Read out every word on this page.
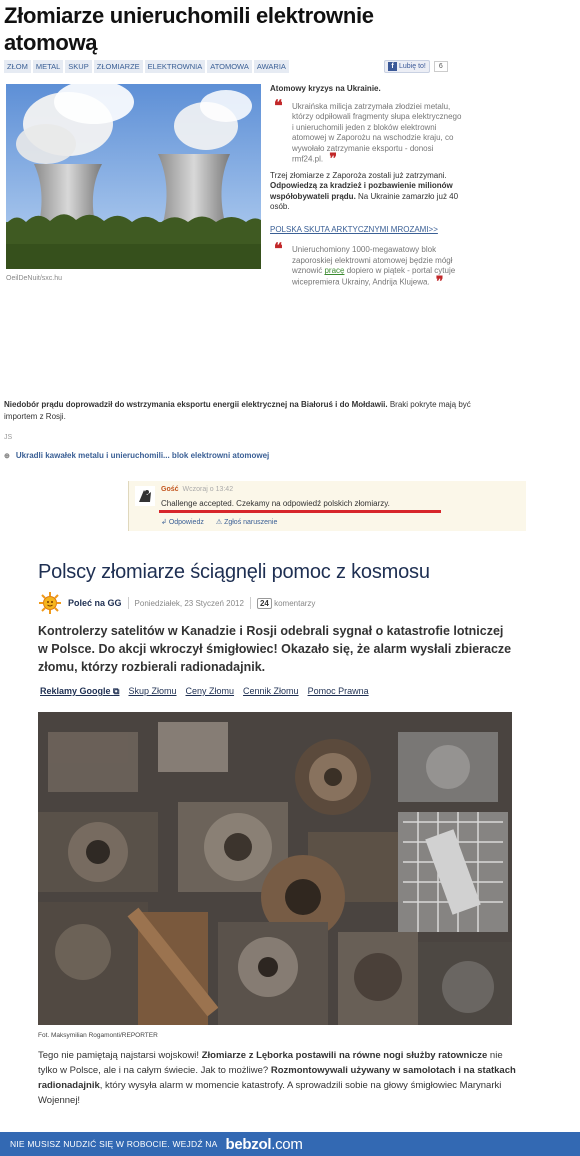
Złomiarze unieruchomili elektrownie atomową
ZŁOM	METAL	SKUP	ZŁOMIARZE	ELEKTROWNIA	ATOMOWA	AWARIA	f Lubię to!	6
OeilDeNuit/sxc.hu
Atomowy kryzys na Ukrainie.
❝ Ukraińska milicja zatrzymała złodziei metalu, którzy odpiłowali fragmenty słupa elektrycznego i unieruchomili jeden z bloków elektrowni atomowej w Zaporożu na wschodzie kraju, co wywołało zatrzymanie eksportu - donosi rmf24.pl. ❞
Trzej złomiarze z Zaporoża zostali już zatrzymani. Odpowiedzą za kradzież i pozbawienie milionów współobywateli prądu. Na Ukrainie zamarzło już 40 osób.
POLSKA SKUTA ARKTYCZNYMI MROZAMI>>
❝ Unieruchomiony 1000-megawatowy blok zaporoskiej elektrowni atomowej będzie mógł wznowić pracę dopiero w piątek - portal cytuje wicepremiera Ukrainy, Andrija Klujewa. ❞
Niedobór prądu doprowadził do wstrzymania eksportu energii elektrycznej na Białoruś i do Mołdawii. Braki pokryte mają być importem z Rosji.
JS
⊕ Ukradli kawałek metalu i unieruchomili... blok elektrowni atomowej
Gość Wczoraj o 13:42
Challenge accepted. Czekamy na odpowiedź polskich złomiarzy.
↲ Odpowiedz ⚠ Zgłoś naruszenie
Polscy złomiarze ściągnęli pomoc z kosmosu
Poleć na GG Poniedziałek, 23 Styczeń 2012	24 komentarzy
Kontrolerzy satelitów w Kanadzie i Rosji odebrali sygnał o katastrofie lotniczej w Polsce. Do akcji wkroczył śmigłowiec! Okazało się, że alarm wysłali zbieracze złomu, którzy rozbierali radionadajnik.
Reklamy Google ⧉ Skup Złomu Ceny Złomu Cennik Złomu Pomoc Prawna
Fot. Maksymilian Rogamonti/REPORTER
Tego nie pamiętają najstarsi wojskowi! Złomiarze z Lęborka postawili na równe nogi służby ratownicze nie tylko w Polsce, ale i na całym świecie. Jak to możliwe? Rozmontowywali używany w samolotach i na statkach radionadajnik, który wysyła alarm w momencie katastrofy. A sprowadzili sobie na głowy śmigłowiec Marynarki Wojennej!
NIE MUSISZ NUDZIĆ SIĘ W ROBOCIE. WEJDŹ NA bebzol.com
